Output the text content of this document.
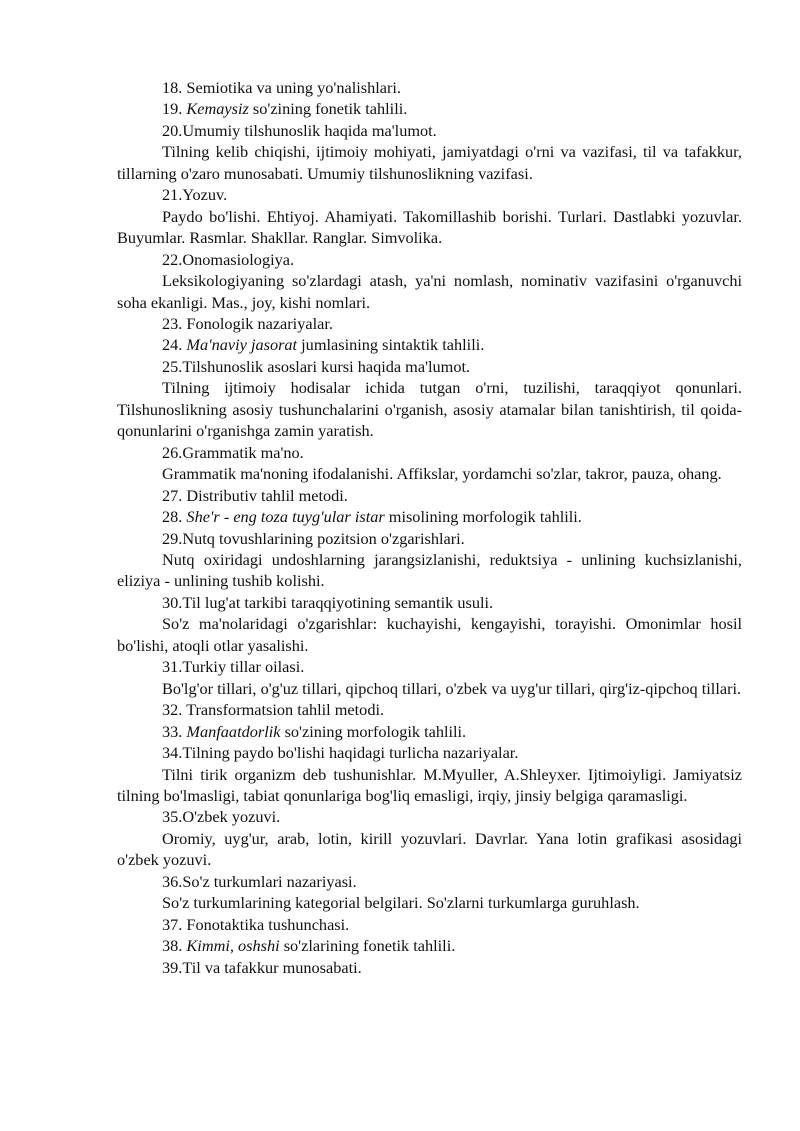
18. Semiotika va uning yo'nalishlari.

19. Kemaysiz so'zining fonetik tahlili.

20.Umumiy tilshunoslik haqida ma'lumot.

Tilning kelib chiqishi, ijtimoiy mohiyati, jamiyatdagi o'rni va vazifasi, til va tafakkur, tillarning o'zaro munosabati. Umumiy tilshunoslikning vazifasi.

21.Yozuv.

Paydo bo'lishi. Ehtiyoj. Ahamiyati. Takomillashib borishi. Turlari. Dastlabki yozuvlar. Buyumlar. Rasmlar. Shakllar. Ranglar. Simvolika.

22.Onomasiologiya.

Leksikologiyaning so'zlardagi atash, ya'ni nomlash, nominativ vazifasini o'rganuvchi soha ekanligi. Mas., joy, kishi nomlari.

23. Fonologik nazariyalar.

24. Ma'naviy jasorat jumlasining sintaktik tahlili.

25.Tilshunoslik asoslari kursi haqida ma'lumot.

Tilning ijtimoiy hodisalar ichida tutgan o'rni, tuzilishi, taraqqiyot qonunlari. Tilshunoslikning asosiy tushunchalarini o'rganish, asosiy atamalar bilan tanishtirish, til qoida-qonunlarini o'rganishga zamin yaratish.

26.Grammatik ma'no.

Grammatik ma'noning ifodalanishi. Affikslar, yordamchi so'zlar, takror, pauza, ohang.

27. Distributiv tahlil metodi.

28. She'r - eng toza tuyg'ular istar misolining morfologik tahlili.

29.Nutq tovushlarining pozitsion o'zgarishlari.

Nutq oxiridagi undoshlarning jarangsizlanishi, reduktsiya - unlining kuchsizlanishi, eliziya - unlining tushib kolishi.

30.Til lug'at tarkibi taraqqiyotining semantik usuli.

So'z ma'nolaridagi o'zgarishlar: kuchayishi, kengayishi, torayishi. Omonimlar hosil bo'lishi, atoqli otlar yasalishi.

31.Turkiy tillar oilasi.

Bo'lg'or tillari, o'g'uz tillari, qipchoq tillari, o'zbek va uyg'ur tillari, qirg'iz-qipchoq tillari.

32. Transformatsion tahlil metodi.

33. Manfaatdorlik so'zining morfologik tahlili.

34.Tilning paydo bo'lishi haqidagi turlicha nazariyalar.

Tilni tirik organizm deb tushunishlar. M.Myuller, A.Shleyxer. Ijtimoiyligi. Jamiyatsiz tilning bo'lmasligi, tabiat qonunlariga bog'liq emasligi, irqiy, jinsiy belgiga qaramasligi.

35.O'zbek yozuvi.

Oromiy, uyg'ur, arab, lotin, kirill yozuvlari. Davrlar. Yana lotin grafikasi asosidagi o'zbek yozuvi.

36.So'z turkumlari nazariyasi.

So'z turkumlarining kategorial belgilari. So'zlarni turkumlarga guruhlash.

37. Fonotaktika tushunchasi.

38. Kimmi, oshshi so'zlarining fonetik tahlili.

39.Til va tafakkur munosabati.
